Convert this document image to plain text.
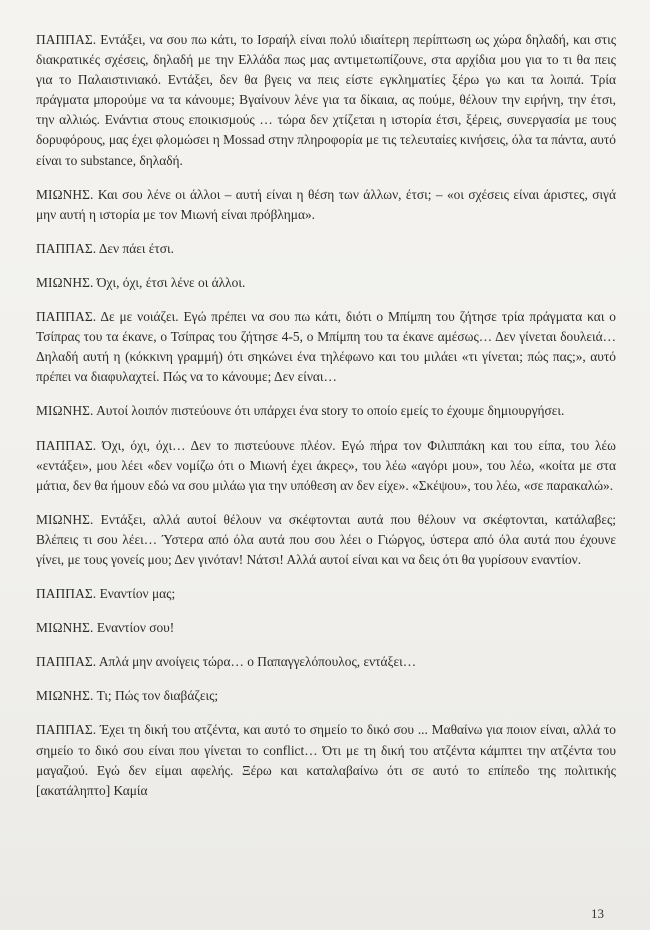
ΠΑΠΠΑΣ. Εντάξει, να σου πω κάτι, το Ισραήλ είναι πολύ ιδιαίτερη περίπτωση ως χώρα δηλαδή, και στις διακρατικές σχέσεις, δηλαδή με την Ελλάδα πως μας αντιμετωπίζουνε, στα αρχίδια μου για το τι θα πεις για το Παλαιστινιακό. Εντάξει, δεν θα βγεις να πεις είστε εγκληματίες ξέρω γω και τα λοιπά. Τρία πράγματα μπορούμε να τα κάνουμε; Βγαίνουν λένε για τα δίκαια, ας πούμε, θέλουν την ειρήνη, την έτσι, την αλλιώς. Ενάντια στους εποικισμούς … τώρα δεν χτίζεται η ιστορία έτσι, ξέρεις, συνεργασία με τους δορυφόρους, μας έχει φλομώσει η Mossad στην πληροφορία με τις τελευταίες κινήσεις, όλα τα πάντα, αυτό είναι το substance, δηλαδή.

ΜΙΩΝΗΣ. Και σου λένε οι άλλοι – αυτή είναι η θέση των άλλων, έτσι; – «οι σχέσεις είναι άριστες, σιγά μην αυτή η ιστορία με τον Μιωνή είναι πρόβλημα».

ΠΑΠΠΑΣ. Δεν πάει έτσι.

ΜΙΩΝΗΣ. Όχι, όχι, έτσι λένε οι άλλοι.

ΠΑΠΠΑΣ. Δε με νοιάζει. Εγώ πρέπει να σου πω κάτι, διότι ο Μπίμπη του ζήτησε τρία πράγματα και ο Τσίπρας του τα έκανε, ο Τσίπρας του ζήτησε 4-5, ο Μπίμπη του τα έκανε αμέσως… Δεν γίνεται δουλειά… Δηλαδή αυτή η (κόκκινη γραμμή) ότι σηκώνει ένα τηλέφωνο και του μιλάει «τι γίνεται; πώς πας;», αυτό πρέπει να διαφυλαχτεί. Πώς να το κάνουμε; Δεν είναι…

ΜΙΩΝΗΣ. Αυτοί λοιπόν πιστεύουνε ότι υπάρχει ένα story το οποίο εμείς το έχουμε δημιουργήσει.

ΠΑΠΠΑΣ. Όχι, όχι, όχι… Δεν το πιστεύουνε πλέον. Εγώ πήρα τον Φιλιππάκη και του είπα, του λέω «εντάξει», μου λέει «δεν νομίζω ότι ο Μιωνή έχει άκρες», του λέω «αγόρι μου», του λέω, «κοίτα με στα μάτια, δεν θα ήμουν εδώ να σου μιλάω για την υπόθεση αν δεν είχε». «Σκέψου», του λέω, «σε παρακαλώ».

ΜΙΩΝΗΣ. Εντάξει, αλλά αυτοί θέλουν να σκέφτονται αυτά που θέλουν να σκέφτονται, κατάλαβες; Βλέπεις τι σου λέει… Ύστερα από όλα αυτά που σου λέει ο Γιώργος, ύστερα από όλα αυτά που έχουνε γίνει, με τους γονείς μου; Δεν γινόταν! Νάτσι! Αλλά αυτοί είναι και να δεις ότι θα γυρίσουν εναντίον.

ΠΑΠΠΑΣ. Εναντίον μας;

ΜΙΩΝΗΣ. Εναντίον σου!

ΠΑΠΠΑΣ. Απλά μην ανοίγεις τώρα… ο Παπαγγελόπουλος, εντάξει…

ΜΙΩΝΗΣ. Τι; Πώς τον διαβάζεις;

ΠΑΠΠΑΣ. Έχει τη δική του ατζέντα, και αυτό το σημείο το δικό σου ... Μαθαίνω για ποιον είναι, αλλά το σημείο το δικό σου είναι που γίνεται το conflict… Ότι με τη δική του ατζέντα κάμπτει την ατζέντα του μαγαζιού. Εγώ δεν είμαι αφελής. Ξέρω και καταλαβαίνω ότι σε αυτό το επίπεδο της πολιτικής [ακατάληπτο] Καμία

13
